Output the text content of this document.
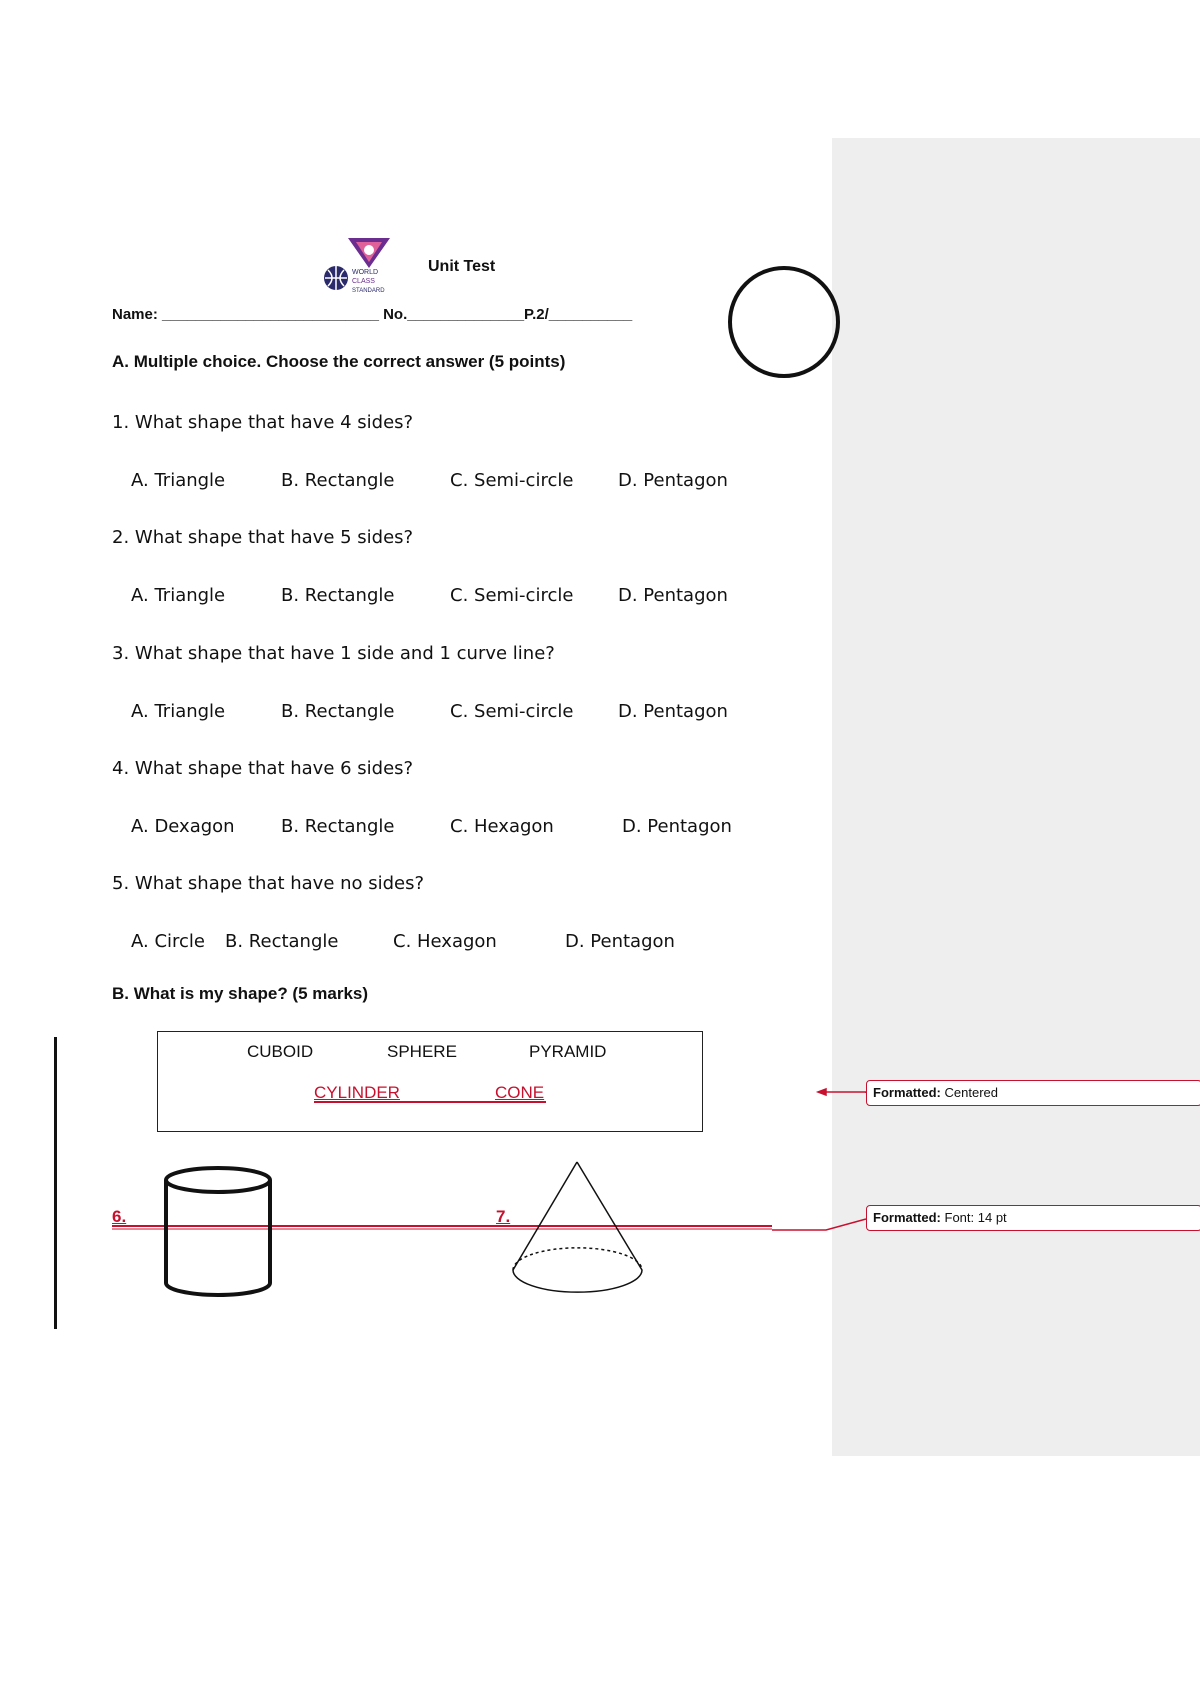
WORLD
CLASS
STANDARD
Unit Test
Name: __________________________ No.______________P.2/__________
A. Multiple choice. Choose the correct answer (5 points)
1. What shape that have 4 sides?
A. Triangle	B. Rectangle	C. Semi-circle D. Pentagon
2. What shape that have 5 sides?
A. Triangle	B. Rectangle	C. Semi-circle D. Pentagon
3. What shape that have 1 side and 1 curve line?
A. Triangle	B. Rectangle	C. Semi-circle D. Pentagon
4. What shape that have 6 sides?
A. Dexagon	B. Rectangle	C. Hexagon	D. Pentagon
5. What shape that have no sides?
A. Circle B. Rectangle	C. Hexagon	D. Pentagon
B. What is my shape? (5 marks)
CUBOID	SPHERE	PYRAMID
CYLINDER	CONE
6.	7.
Formatted: Centered
Formatted: Font: 14 pt
